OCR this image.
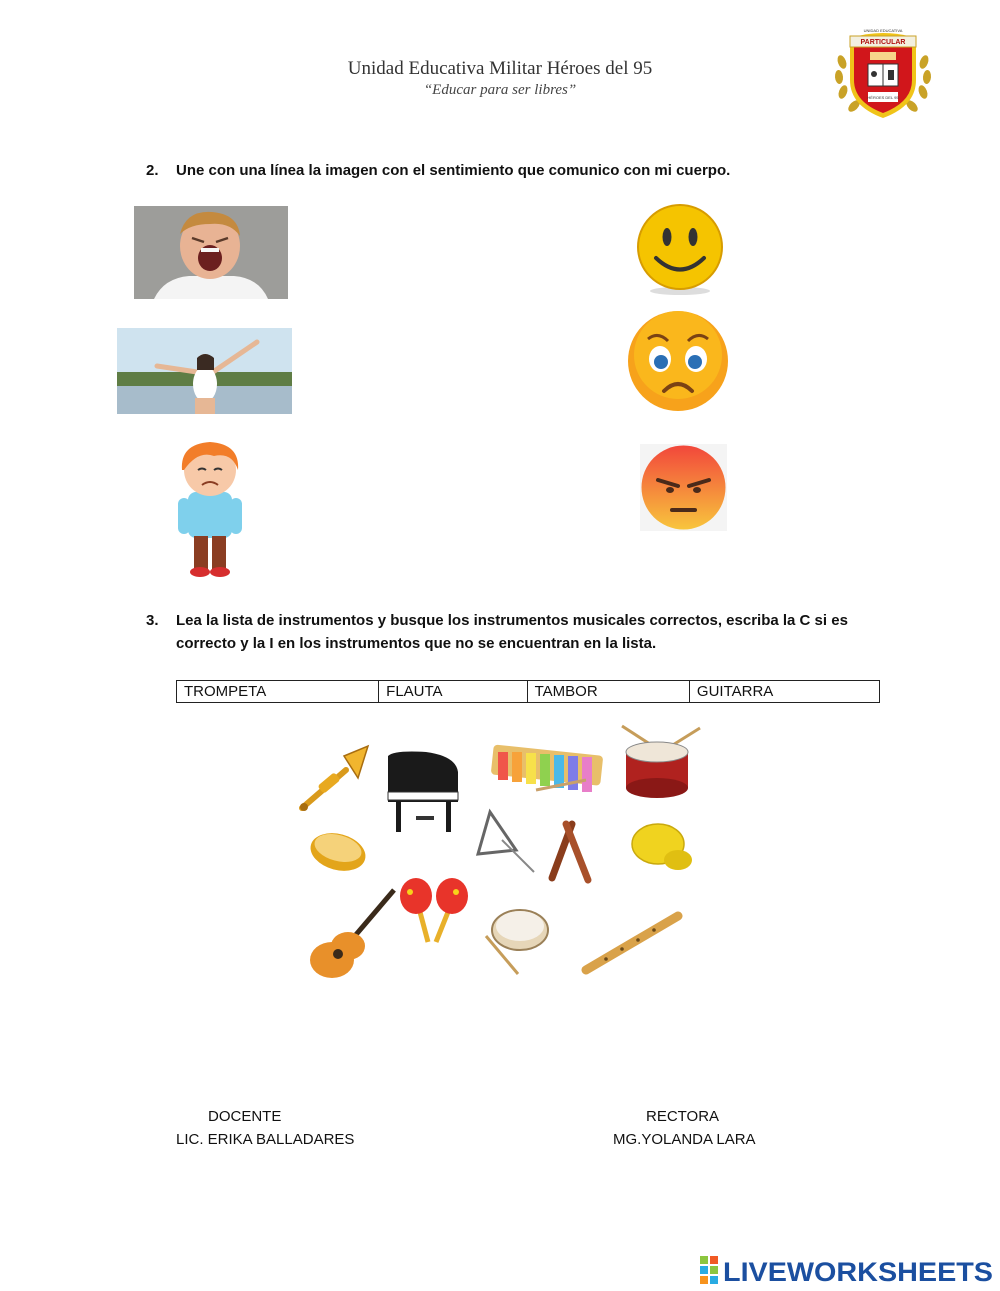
Unidad Educativa Militar Héroes del 95
“Educar para ser libres”
PARTICULAR
UNIDAD EDUCATIVA
HÉROES DEL 95
2. Une con una línea la imagen con el sentimiento que comunico con mi cuerpo.
3. Lea la lista de instrumentos y busque los instrumentos musicales correctos, escriba la C si es
correcto y la I en los instrumentos que no se encuentran en la lista.
TROMPETA	FLAUTA	TAMBOR	GUITARRA
DOCENTE
LIC. ERIKA BALLADARES
RECTORA
MG.YOLANDA LARA
LIVEWORKSHEETS
